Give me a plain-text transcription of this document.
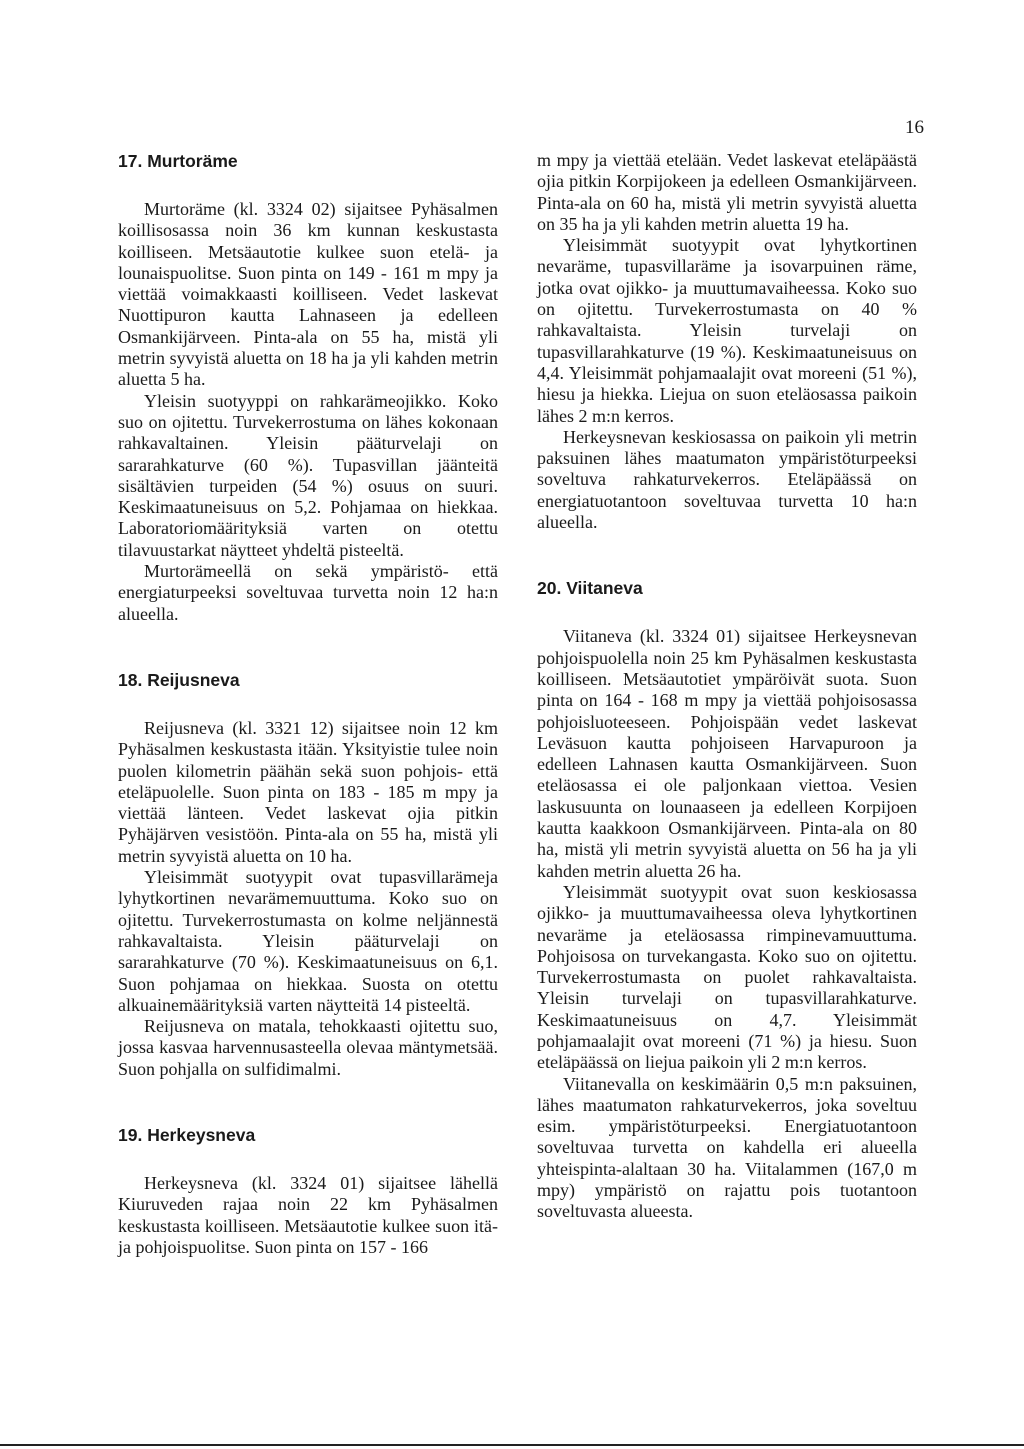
16
17. Murtoräme

Murtoräme (kl. 3324 02) sijaitsee Pyhäsalmen koillisosassa noin 36 km kunnan keskustasta koilliseen. Metsäautotie kulkee suon etelä- ja lounaispuolitse. Suon pinta on 149 - 161 m mpy ja viettää voimakkaasti koilliseen. Vedet laskevat Nuottipuron kautta Lahnaseen ja edelleen Osmankijärveen. Pinta-ala on 55 ha, mistä yli metrin syvyistä aluetta on 18 ha ja yli kahden metrin aluetta 5 ha.

Yleisin suotyyppi on rahkarämeojikko. Koko suo on ojitettu. Turvekerrostuma on lähes kokonaan rahkavaltainen. Yleisin pääturvelaji on sararahkaturve (60 %). Tupasvillan jäänteitä sisältävien turpeiden (54 %) osuus on suuri. Keskimaatuneisuus on 5,2. Pohjamaa on hiekkaa. Laboratoriomäärityksiä varten on otettu tilavuustarkat näytteet yhdeltä pisteeltä.

Murtorämeellä on sekä ympäristö- että energiaturpeeksi soveltuvaa turvetta noin 12 ha:n alueella.

18. Reijusneva

Reijusneva (kl. 3321 12) sijaitsee noin 12 km Pyhäsalmen keskustasta itään. Yksityistie tulee noin puolen kilometrin päähän sekä suon pohjois- että eteläpuolelle. Suon pinta on 183 - 185 m mpy ja viettää länteen. Vedet laskevat ojia pitkin Pyhäjärven vesistöön. Pinta-ala on 55 ha, mistä yli metrin syvyistä aluetta on 10 ha.

Yleisimmät suotyypit ovat tupasvillarämeja lyhytkortinen nevarämemuuttuma. Koko suo on ojitettu. Turvekerrostumasta on kolme neljännestä rahkavaltaista. Yleisin pääturvelaji on sararahkaturve (70 %). Keskimaatuneisuus on 6,1. Suon pohjamaa on hiekkaa. Suosta on otettu alkuainemäärityksiä varten näytteitä 14 pisteeltä.

Reijusneva on matala, tehokkaasti ojitettu suo, jossa kasvaa harvennusasteella olevaa mäntymetsää. Suon pohjalla on sulfidimalmi.

19. Herkeysneva

Herkeysneva (kl. 3324 01) sijaitsee lähellä Kiuruveden rajaa noin 22 km Pyhäsalmen keskustasta koilliseen. Metsäautotie kulkee suon itä- ja pohjoispuolitse. Suon pinta on 157 - 166

m mpy ja viettää etelään. Vedet laskevat eteläpäästä ojia pitkin Korpijokeen ja edelleen Osmankijärveen. Pinta-ala on 60 ha, mistä yli metrin syvyistä aluetta on 35 ha ja yli kahden metrin aluetta 19 ha.

Yleisimmät suotyypit ovat lyhytkortinen nevaräme, tupasvillaräme ja isovarpuinen räme, jotka ovat ojikko- ja muuttumavaiheessa. Koko suo on ojitettu. Turvekerrostumasta on 40 % rahkavaltaista. Yleisin turvelaji on tupasvillarahkaturve (19 %). Keskimaatuneisuus on 4,4. Yleisimmät pohjamaalajit ovat moreeni (51 %), hiesu ja hiekka. Liejua on suon eteläosassa paikoin lähes 2 m:n kerros.

Herkeysnevan keskiosassa on paikoin yli metrin paksuinen lähes maatumaton ympäristöturpeeksi soveltuva rahkaturvekerros. Eteläpäässä on energiatuotantoon soveltuvaa turvetta 10 ha:n alueella.

20. Viitaneva

Viitaneva (kl. 3324 01) sijaitsee Herkeysnevan pohjoispuolella noin 25 km Pyhäsalmen keskustasta koilliseen. Metsäautotiet ympäröivät suota. Suon pinta on 164 - 168 m mpy ja viettää pohjoisosassa pohjoisluoteeseen. Pohjoispään vedet laskevat Leväsuon kautta pohjoiseen Harvapuroon ja edelleen Lahnasen kautta Osmankijärveen. Suon eteläosassa ei ole paljonkaan viettoa. Vesien laskusuunta on lounaaseen ja edelleen Korpijoen kautta kaakkoon Osmankijärveen. Pinta-ala on 80 ha, mistä yli metrin syvyistä aluetta on 56 ha ja yli kahden metrin aluetta 26 ha.

Yleisimmät suotyypit ovat suon keskiosassa ojikko- ja muuttumavaiheessa oleva lyhytkortinen nevaräme ja eteläosassa rimpinevamuuttuma. Pohjoisosa on turvekangasta. Koko suo on ojitettu. Turvekerrostumasta on puolet rahkavaltaista. Yleisin turvelaji on tupasvillarahkaturve. Keskimaatuneisuus on 4,7. Yleisimmät pohjamaalajit ovat moreeni (71 %) ja hiesu. Suon eteläpäässä on liejua paikoin yli 2 m:n kerros.

Viitanevalla on keskimäärin 0,5 m:n paksuinen, lähes maatumaton rahkaturvekerros, joka soveltuu esim. ympäristöturpeeksi. Energiatuotantoon soveltuvaa turvetta on kahdella eri alueella yhteispinta-alaltaan 30 ha. Viitalammen (167,0 m mpy) ympäristö on rajattu pois tuotantoon soveltuvasta alueesta.
